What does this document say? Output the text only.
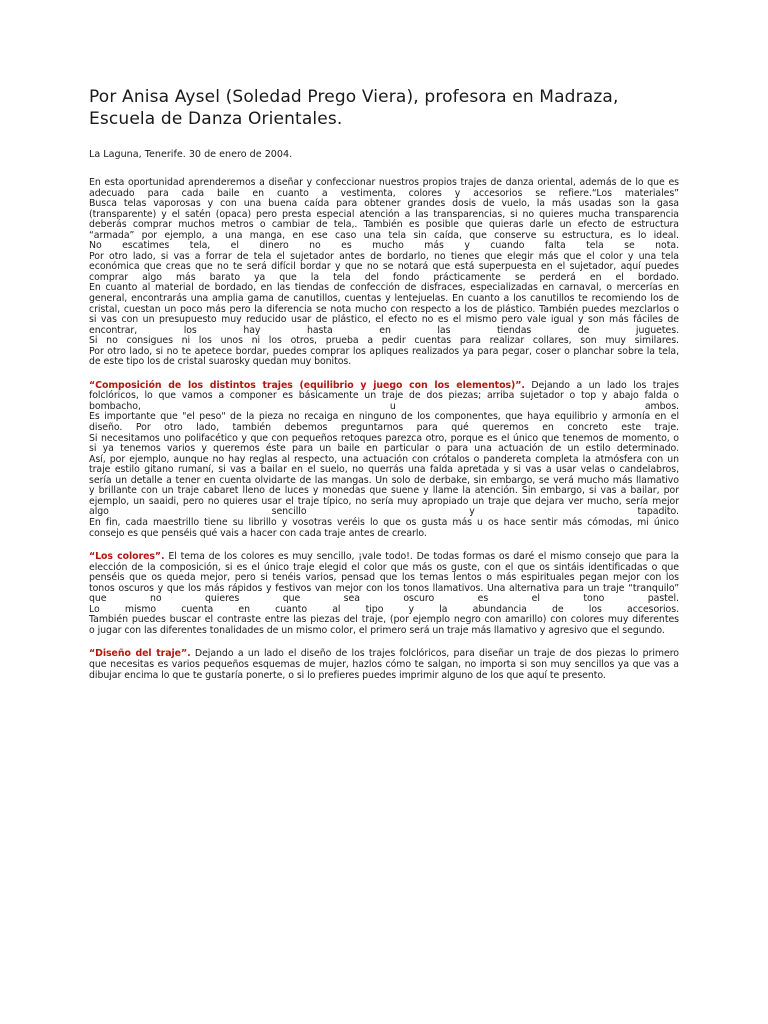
Por Anisa Aysel (Soledad Prego Viera), profesora en Madraza, Escuela de Danza Orientales.

La Laguna, Tenerife. 30 de enero de 2004.

En esta oportunidad aprenderemos a diseñar y confeccionar nuestros propios trajes de danza oriental, además de lo que es
adecuado para cada baile en cuanto a vestimenta, colores y accesorios se refiere.“Los materiales”
Busca telas vaporosas y con una buena caída para obtener grandes dosis de vuelo, la más usadas son la gasa
(transparente) y el satén (opaca) pero presta especial atención a las transparencias, si no quieres mucha transparencia
deberás comprar muchos metros o cambiar de tela,. También es posible que quieras darle un efecto de estructura
“armada” por ejemplo, a una manga, en ese caso una tela sin caída, que conserve su estructura, es lo ideal.
No escatimes tela, el dinero no es mucho más y cuando falta tela se nota.
Por otro lado, si vas a forrar de tela el sujetador antes de bordarlo, no tienes que elegir más que el color y una tela
económica que creas que no te será difícil bordar y que no se notará que está superpuesta en el sujetador, aquí puedes
comprar algo más barato ya que la tela del fondo prácticamente se perderá en el bordado.
En cuanto al material de bordado, en las tiendas de confección de disfraces, especializadas en carnaval, o mercerías en
general, encontrarás una amplia gama de canutillos, cuentas y lentejuelas. En cuanto a los canutillos te recomiendo los de
cristal, cuestan un poco más pero la diferencia se nota mucho con respecto a los de plástico. También puedes mezclarlos o
si vas con un presupuesto muy reducido usar de plástico, el efecto no es el mismo pero vale igual y son más fáciles de
encontrar, los hay hasta en las tiendas de juguetes.
Si no consigues ni los unos ni los otros, prueba a pedir cuentas para realizar collares, son muy similares.
Por otro lado, si no te apetece bordar, puedes comprar los apliques realizados ya para pegar, coser o planchar sobre la tela,
de este tipo los de cristal suarosky quedan muy bonitos.
“Composición de los distintos trajes (equilibrio y juego con los elementos)”. Dejando a un lado los trajes
folclóricos, lo que vamos a componer es básicamente un traje de dos piezas; arriba sujetador o top y abajo falda o
bombacho, u ambos.
Es importante que "el peso" de la pieza no recaiga en ninguno de los componentes, que haya equilibrio y armonía en el
diseño. Por otro lado, también debemos preguntarnos para qué queremos en concreto este traje.
Si necesitamos uno polifacético y que con pequeños retoques parezca otro, porque es el único que tenemos de momento, o
si ya tenemos varios y queremos éste para un baile en particular o para una actuación de un estilo determinado.
Así, por ejemplo, aunque no hay reglas al respecto, una actuación con crótalos o pandereta completa la atmósfera con un
traje estilo gitano rumaní, si vas a bailar en el suelo, no querrás una falda apretada y si vas a usar velas o candelabros,
sería un detalle a tener en cuenta olvidarte de las mangas. Un solo de derbake, sin embargo, se verá mucho más llamativo
y brillante con un traje cabaret lleno de luces y monedas que suene y llame la atención. Sin embargo, si vas a bailar, por
ejemplo, un saaidi, pero no quieres usar el traje típico, no sería muy apropiado un traje que dejara ver mucho, sería mejor
algo sencillo y tapadito.
En fin, cada maestrillo tiene su librillo y vosotras veréis lo que os gusta más u os hace sentir más cómodas, mi único
consejo es que penséis qué vais a hacer con cada traje antes de crearlo.
“Los colores”. El tema de los colores es muy sencillo, ¡vale todo!. De todas formas os daré el mismo consejo que para la
elección de la composición, si es el único traje elegid el color que más os guste, con el que os sintáis identificadas o que
penséis que os queda mejor, pero si tenéis varios, pensad que los temas lentos o más espirituales pegan mejor con los
tonos oscuros y que los más rápidos y festivos van mejor con los tonos llamativos. Una alternativa para un traje “tranquilo”
que no quieres que sea oscuro es el tono pastel.
Lo mismo cuenta en cuanto al tipo y la abundancia de los accesorios.
También puedes buscar el contraste entre las piezas del traje, (por ejemplo negro con amarillo) con colores muy diferentes
o jugar con las diferentes tonalidades de un mismo color, el primero será un traje más llamativo y agresivo que el segundo.
“Diseño del traje”. Dejando a un lado el diseño de los trajes folclóricos, para diseñar un traje de dos piezas lo primero
que necesitas es varios pequeños esquemas de mujer, hazlos cómo te salgan, no importa si son muy sencillos ya que vas a
dibujar encima lo que te gustaría ponerte, o si lo prefieres puedes imprimir alguno de los que aquí te presento.
